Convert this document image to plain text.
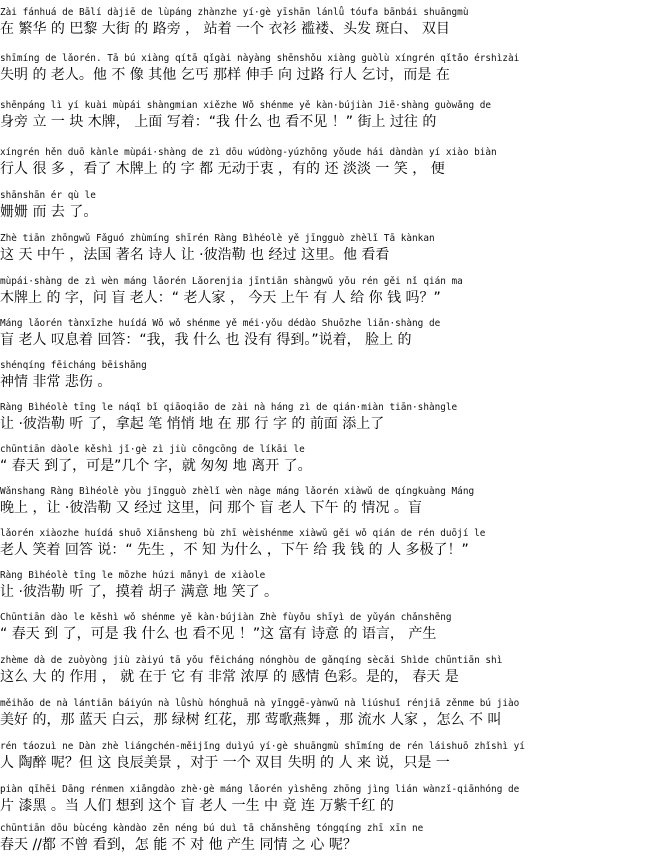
Zài fánhuá de Bālí dàjiē de lùpáng zhànzhe yí·gè yīshān lánlǚ tóufa bānbái shuāngmù
在 繁华 的 巴黎 大街 的 路旁 ， 站着 一个 衣衫 褴褛、头发 斑白、 双目
shīmíng de lǎorén. Tā bú xiàng qítā qǐgài nàyàng shēnshǒu xiàng guòlù xíngrén qǐtǎo érshìzài
失明 的 老人。他 不 像 其他 乞丐 那样 伸手 向 过路 行人 乞讨，而是 在
shēnpáng lì yí kuài mùpái shàngmian xiězhe Wǒ shénme yě kàn·bújiàn Jiē·shàng guòwǎng de
身旁 立 一 块 木牌， 上面 写着：“我 什么 也 看不见 ！” 街上 过往 的
xíngrén hěn duō kànle mùpái·shàng de zì dōu wúdòng-yúzhōng yǒude hái dàndàn yí xiào biàn
行人 很 多 ，看了 木牌上 的 字 都 无动于衷 ，有的 还 淡淡 一 笑 ， 便
shānshān ér qù le
姗姗 而 去 了。
Zhè tiān zhōngwǔ Fǎguó zhùmíng shīrén Ràng Bìhéolè yě jīngguò zhèlǐ Tā kànkan
这 天 中午 ，法国 著名 诗人 让 ·彼浩勒 也 经过 这里。他 看看
mùpái·shàng de zì wèn máng lǎorén Lǎorenjia jīntiān shàngwǔ yǒu rén gěi nǐ qián ma
木牌上 的 字，问 盲 老人：“ 老人家 ， 今天 上午 有 人 给 你 钱 吗？”
Máng lǎorén tànxīzhe huídá Wǒ wǒ shénme yě méi·yǒu dédào Shuōzhe liǎn·shàng de
盲 老人 叹息着 回答：“我，我 什么 也 没有 得到。”说着， 脸上 的
shénqíng fēicháng bēishāng
神情 非常 悲伤 。
Ràng Bìhéolè tīng le náqǐ bǐ qiāoqiāo de zài nà háng zì de qián·miàn tiān·shàngle
让 ·彼浩勒 听 了，拿起 笔 悄悄 地 在 那 行 字 的 前面 添上了
chūntiān dàole kěshì jǐ·gè zì jiù cōngcōng de líkāi le
“ 春天 到了，可是”几个 字，就 匆匆 地 离开 了。
Wǎnshang Ràng Bìhéolè yòu jīngguò zhèlǐ wèn nàge máng lǎorén xiàwǔ de qíngkuàng Máng
晚上 ，让 ·彼浩勒 又 经过 这里，问 那个 盲 老人 下午 的 情况 。盲
lǎorén xiàozhe huídá shuō Xiānsheng bù zhī wèishénme xiàwǔ gěi wǒ qián de rén duōjí le
老人 笑着 回答 说：“ 先生 ，不 知 为什么 ，下午 给 我 钱 的 人 多极了！”
Ràng Bìhéolè tīng le mōzhe húzi mǎnyì de xiàole
让 ·彼浩勒 听 了，摸着 胡子 满意 地 笑了 。
Chūntiān dào le kěshì wǒ shénme yě kàn·bújiàn Zhè fùyǒu shīyì de yǔyán chǎnshēng
“ 春天 到 了，可是 我 什么 也 看不见 ！”这 富有 诗意 的 语言， 产生
zhème dà de zuòyòng jiù zàiyú tā yǒu fēicháng nónghòu de gǎnqíng sècǎi Shìde chūntiān shì
这么 大 的 作用 ， 就 在于 它 有 非常 浓厚 的 感情 色彩。是的， 春天 是
měihǎo de nà lántiān báiyún nà lǜshù hónghuā nà yīnggē-yànwǔ nà liúshuǐ rénjiā zěnme bú jiào
美好 的，那 蓝天 白云，那 绿树 红花，那 莺歌燕舞 ，那 流水 人家 ，怎么 不 叫
rén táozuì ne Dàn zhè liángchén-měijǐng duìyú yí·gè shuāngmù shīmíng de rén láishuō zhǐshì yí
人 陶醉 呢？但 这 良辰美景 ，对于 一个 双目 失明 的 人 来 说，只是 一
piàn qīhēi Dāng rénmen xiǎngdào zhè·gè máng lǎorén yìshēng zhōng jìng lián wànzǐ-qiānhóng de
片 漆黑 。当 人们 想到 这个 盲 老人 一生 中 竟 连 万紫千红 的
chūntiān dōu bùcéng kàndào zěn néng bú duì tā chǎnshēng tóngqíng zhī xīn ne
春天 //都 不曾 看到，怎 能 不 对 他 产生 同情 之 心 呢？
